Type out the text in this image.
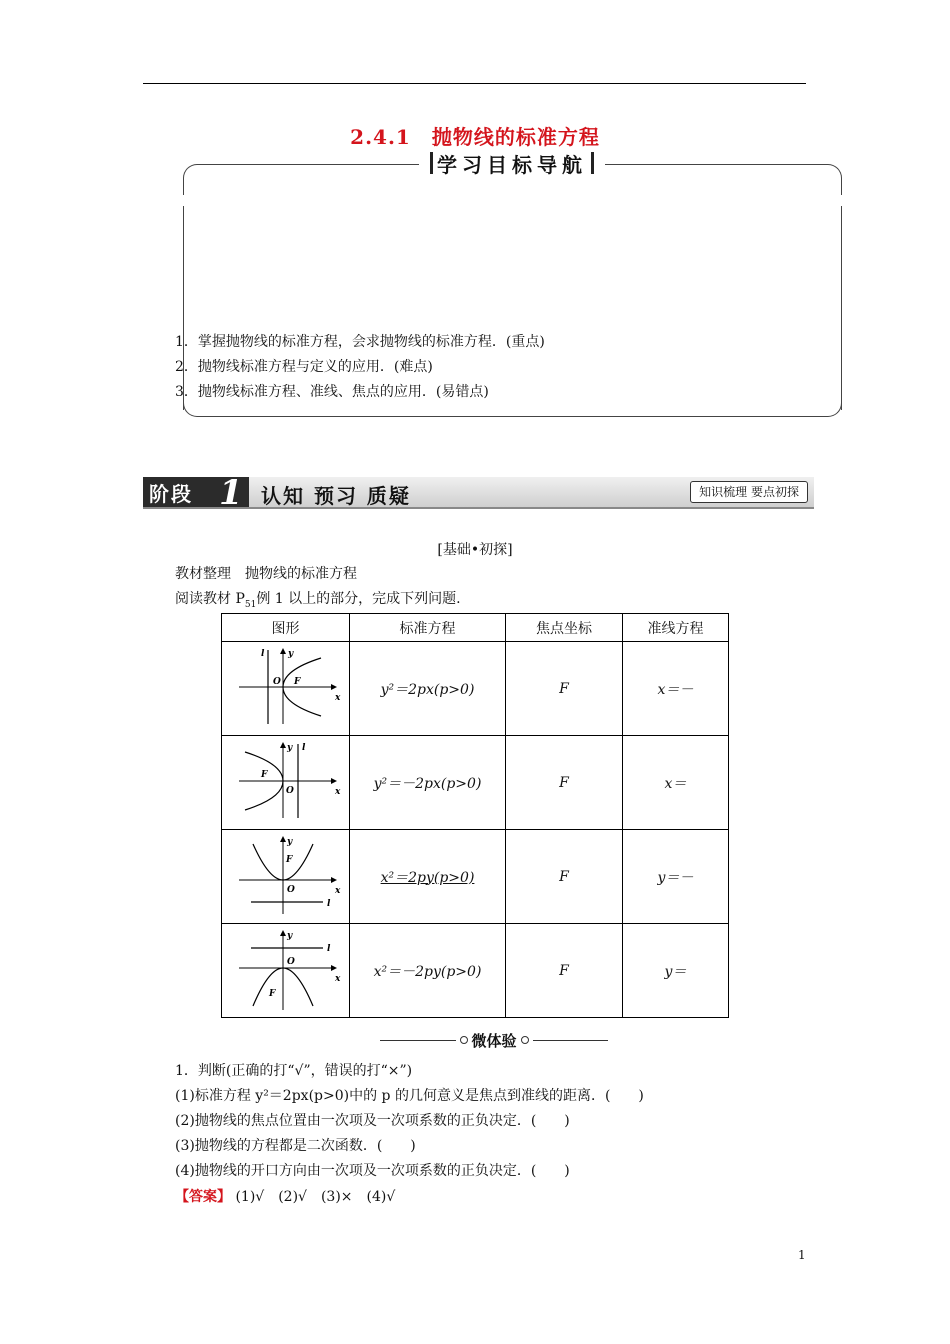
2.4.1　抛物线的标准方程
学习目标导航
1．掌握抛物线的标准方程，会求抛物线的标准方程．(重点)
2．抛物线标准方程与定义的应用．(难点)
3．抛物线标准方程、准线、焦点的应用．(易错点)
阶段 1 认知 预习 质疑	知识梳理 要点初探
[基础•初探]
教材整理　抛物线的标准方程
阅读教材 $P_{51}$例 1 以上的部分，完成下列问题.
图形	标准方程	焦点坐标	准线方程

x
y
l
O F	y²＝2px(p>0)	F	x＝－

x
y l
O
F	y²＝－2px(p>0)	F	x＝

x
y
l
O
F	x²＝2py(p>0)	F	y＝－

x
y
l
O
F	x²＝－2py(p>0)	F	y＝
微体验
1．判断(正确的打“√”，错误的打“×”)
(1)标准方程 y²＝2px(p>0)中的 p 的几何意义是焦点到准线的距离．(　　)
(2)抛物线的焦点位置由一次项及一次项系数的正负决定．(　　)
(3)抛物线的方程都是二次函数．(　　)
(4)抛物线的开口方向由一次项及一次项系数的正负决定．(　　)
【答案】 (1)√　(2)√　(3)×　(4)√
1
